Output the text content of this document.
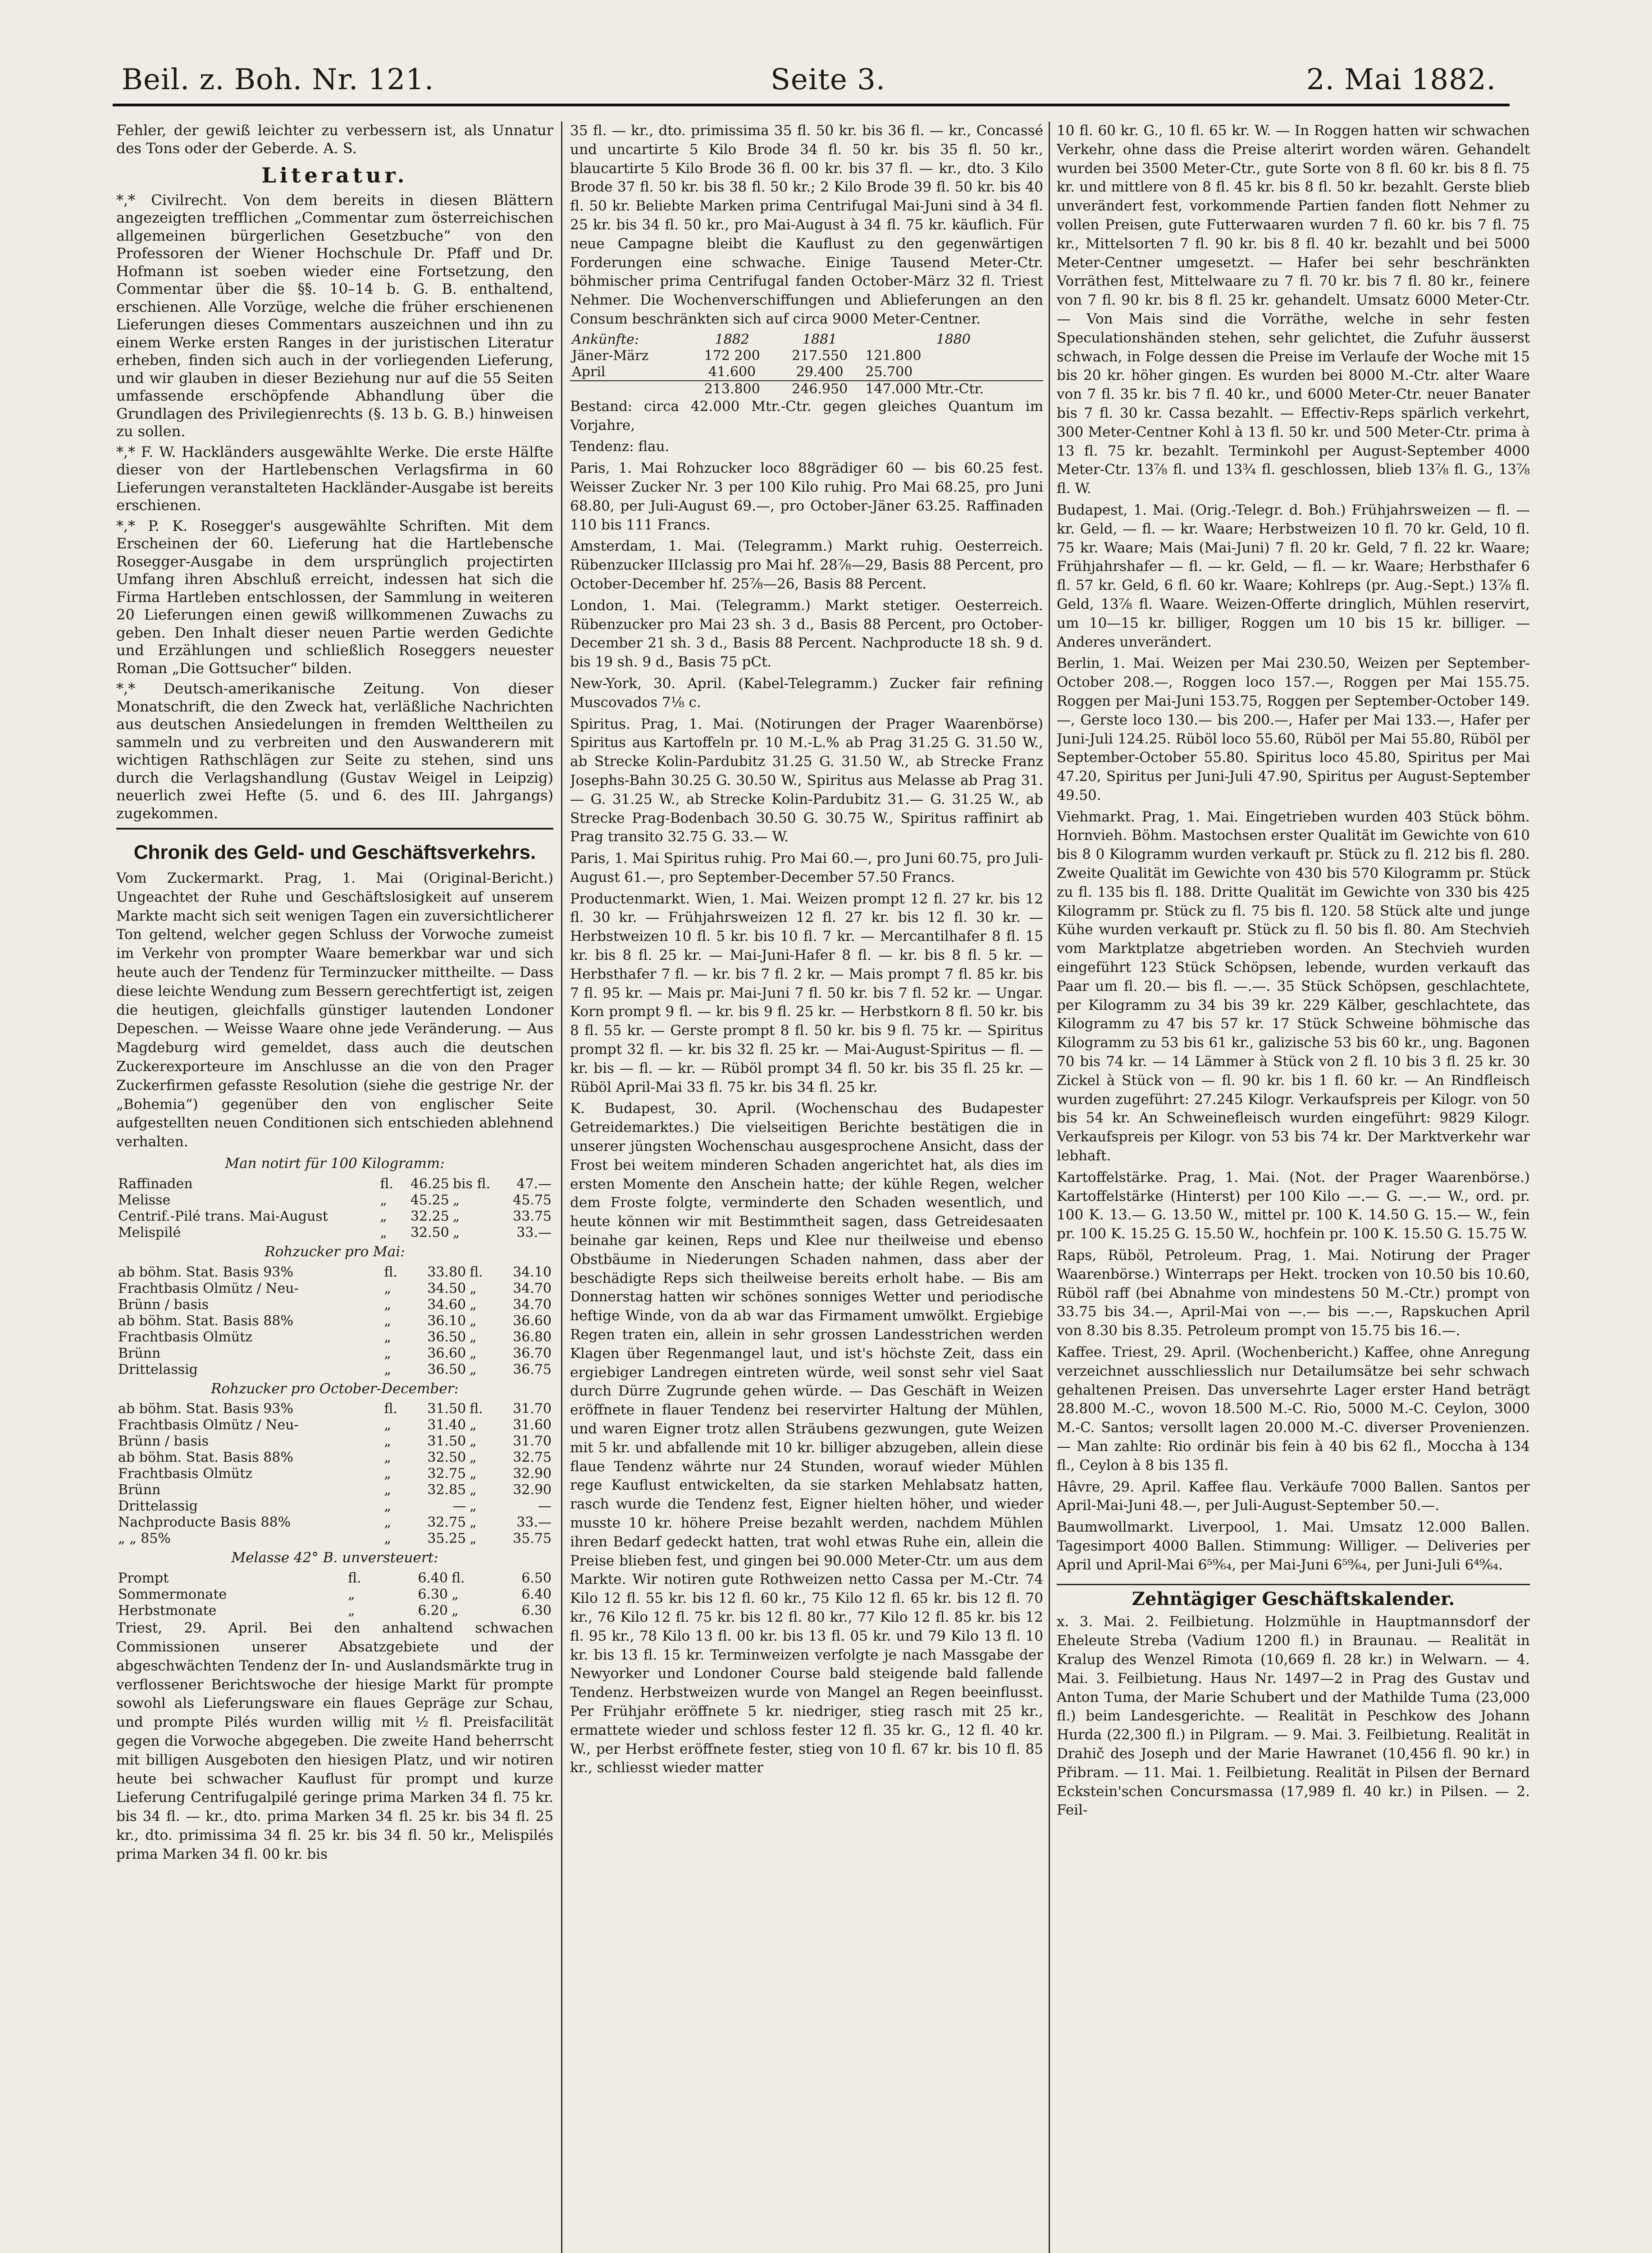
Beil. z. Boh. Nr. 121.	Seite 3.	2. Mai 1882.

Fehler, der gewiß leichter zu verbessern ist, als Unnatur des Tons oder der Geberde. A. S.

Literatur.

*,* Civilrecht. Von dem bereits in diesen Blättern angezeigten trefflichen „Commentar zum österreichischen allgemeinen bürgerlichen Gesetzbuche“ von den Professoren der Wiener Hochschule Dr. Pfaff und Dr. Hofmann ist soeben wieder eine Fortsetzung, den Commentar über die §§. 10–14 b. G. B. enthaltend, erschienen. Alle Vorzüge, welche die früher erschienenen Lieferungen dieses Commentars auszeichnen und ihn zu einem Werke ersten Ranges in der juristischen Literatur erheben, finden sich auch in der vorliegenden Lieferung, und wir glauben in dieser Beziehung nur auf die 55 Seiten umfassende erschöpfende Abhandlung über die Grundlagen des Privilegienrechts (§. 13 b. G. B.) hinweisen zu sollen.

*,* F. W. Hackländers ausgewählte Werke. Die erste Hälfte dieser von der Hartlebenschen Verlagsfirma in 60 Lieferungen veranstalteten Hackländer-Ausgabe ist bereits erschienen.

*,* P. K. Rosegger's ausgewählte Schriften. Mit dem Erscheinen der 60. Lieferung hat die Hartlebensche Rosegger-Ausgabe in dem ursprünglich projectirten Umfang ihren Abschluß erreicht, indessen hat sich die Firma Hartleben entschlossen, der Sammlung in weiteren 20 Lieferungen einen gewiß willkommenen Zuwachs zu geben. Den Inhalt dieser neuen Partie werden Gedichte und Erzählungen und schließlich Roseggers neuester Roman „Die Gottsucher“ bilden.

*,* Deutsch-amerikanische Zeitung. Von dieser Monatschrift, die den Zweck hat, verläßliche Nachrichten aus deutschen Ansiedelungen in fremden Welttheilen zu sammeln und zu verbreiten und den Auswanderern mit wichtigen Rathschlägen zur Seite zu stehen, sind uns durch die Verlagshandlung (Gustav Weigel in Leipzig) neuerlich zwei Hefte (5. und 6. des III. Jahrgangs) zugekommen.

Chronik des Geld- und Geschäftsverkehrs.

Vom Zuckermarkt. Prag, 1. Mai (Original-Bericht.) Ungeachtet der Ruhe und Geschäftslosigkeit auf unserem Markte macht sich seit wenigen Tagen ein zuversichtlicherer Ton geltend, welcher gegen Schluss der Vorwoche zumeist im Verkehr von prompter Waare bemerkbar war und sich heute auch der Tendenz für Terminzucker mittheilte. — Dass diese leichte Wendung zum Bessern gerechtfertigt ist, zeigen die heutigen, gleichfalls günstiger lautenden Londoner Depeschen. — Weisse Waare ohne jede Veränderung. — Aus Magdeburg wird gemeldet, dass auch die deutschen Zuckerexporteure im Anschlusse an die von den Prager Zuckerfirmen gefasste Resolution (siehe die gestrige Nr. der „Bohemia“) gegenüber den von englischer Seite aufgestellten neuen Conditionen sich entschieden ablehnend verhalten.

Man notirt für 100 Kilogramm:

Raffinaden	fl.	46.25	bis fl.	47.—
Melisse	„	45.25	„	45.75
Centrif.-Pilé trans. Mai-August	„	32.25	„	33.75
Melispilé	„	32.50	„	33.—

Rohzucker pro Mai:

ab böhm. Stat. Basis 93%	fl.	33.80	fl.	34.10
Frachtbasis Olmütz / Neu-	„	34.50	„	34.70
Brünn / basis	„	34.60	„	34.70
ab böhm. Stat. Basis 88%	„	36.10	„	36.60
Frachtbasis Olmütz	„	36.50	„	36.80
Brünn	„	36.60	„	36.70
Drittelassig	„	36.50	„	36.75

Rohzucker pro October-December:

ab böhm. Stat. Basis 93%	fl.	31.50	fl.	31.70
Frachtbasis Olmütz / Neu-	„	31.40	„	31.60
Brünn / basis	„	31.50	„	31.70
ab böhm. Stat. Basis 88%	„	32.50	„	32.75
Frachtbasis Olmütz	„	32.75	„	32.90
Brünn	„	32.85	„	32.90
Drittelassig	„	—	„	—
Nachproducte Basis 88%	„	32.75	„	33.—
„ „ 85%	„	35.25	„	35.75

Melasse 42° B. unversteuert:

Prompt	fl.	6.40	fl.	6.50
Sommermonate	„	6.30	„	6.40
Herbstmonate	„	6.20	„	6.30

Triest, 29. April. Bei den anhaltend schwachen Commissionen unserer Absatzgebiete und der abgeschwächten Tendenz der In- und Auslandsmärkte trug in verflossener Berichtswoche der hiesige Markt für prompte sowohl als Lieferungsware ein flaues Gepräge zur Schau, und prompte Pilés wurden willig mit ½ fl. Preisfacilität gegen die Vorwoche abgegeben. Die zweite Hand beherrscht mit billigen Ausgeboten den hiesigen Platz, und wir notiren heute bei schwacher Kauflust für prompt und kurze Lieferung Centrifugalpilé geringe prima Marken 34 fl. 75 kr. bis 34 fl. — kr., dto. prima Marken 34 fl. 25 kr. bis 34 fl. 25 kr., dto. primissima 34 fl. 25 kr. bis 34 fl. 50 kr., Melispilés prima Marken 34 fl. 00 kr. bis

35 fl. — kr., dto. primissima 35 fl. 50 kr. bis 36 fl. — kr., Concassé und uncartirte 5 Kilo Brode 34 fl. 50 kr. bis 35 fl. 50 kr., blaucartirte 5 Kilo Brode 36 fl. 00 kr. bis 37 fl. — kr., dto. 3 Kilo Brode 37 fl. 50 kr. bis 38 fl. 50 kr.; 2 Kilo Brode 39 fl. 50 kr. bis 40 fl. 50 kr. Beliebte Marken prima Centrifugal Mai-Juni sind à 34 fl. 25 kr. bis 34 fl. 50 kr., pro Mai-August à 34 fl. 75 kr. käuflich. Für neue Campagne bleibt die Kauflust zu den gegenwärtigen Forderungen eine schwache. Einige Tausend Meter-Ctr. böhmischer prima Centrifugal fanden October-März 32 fl. Triest Nehmer. Die Wochenverschiffungen und Ablieferungen an den Consum beschränkten sich auf circa 9000 Meter-Centner.

Ankünfte:	1882	1881	1880
Jäner-März	172 200	217.550	121.800
April	41.600	29.400	25.700
	213.800	246.950	147.000 Mtr.-Ctr.

Bestand: circa 42.000 Mtr.-Ctr. gegen gleiches Quantum im Vorjahre,

Tendenz: flau.

Paris, 1. Mai Rohzucker loco 88grädiger 60 — bis 60.25 fest. Weisser Zucker Nr. 3 per 100 Kilo ruhig. Pro Mai 68.25, pro Juni 68.80, per Juli-August 69.—, pro October-Jäner 63.25. Raffinaden 110 bis 111 Francs.

Amsterdam, 1. Mai. (Telegramm.) Markt ruhig. Oesterreich. Rübenzucker IIIclassig pro Mai hf. 28⅞—29, Basis 88 Percent, pro October-December hf. 25⅞—26, Basis 88 Percent.

London, 1. Mai. (Telegramm.) Markt stetiger. Oesterreich. Rübenzucker pro Mai 23 sh. 3 d., Basis 88 Percent, pro October-December 21 sh. 3 d., Basis 88 Percent. Nachproducte 18 sh. 9 d. bis 19 sh. 9 d., Basis 75 pCt.

New-York, 30. April. (Kabel-Telegramm.) Zucker fair refining Muscovados 7⅛ c.

Spiritus. Prag, 1. Mai. (Notirungen der Prager Waarenbörse) Spiritus aus Kartoffeln pr. 10 M.-L.% ab Prag 31.25 G. 31.50 W., ab Strecke Kolin-Pardubitz 31.25 G. 31.50 W., ab Strecke Franz Josephs-Bahn 30.25 G. 30.50 W., Spiritus aus Melasse ab Prag 31.— G. 31.25 W., ab Strecke Kolin-Pardubitz 31.— G. 31.25 W., ab Strecke Prag-Bodenbach 30.50 G. 30.75 W., Spiritus raffinirt ab Prag transito 32.75 G. 33.— W.

Paris, 1. Mai Spiritus ruhig. Pro Mai 60.—, pro Juni 60.75, pro Juli-August 61.—, pro September-December 57.50 Francs.

Productenmarkt. Wien, 1. Mai. Weizen prompt 12 fl. 27 kr. bis 12 fl. 30 kr. — Frühjahrsweizen 12 fl. 27 kr. bis 12 fl. 30 kr. — Herbstweizen 10 fl. 5 kr. bis 10 fl. 7 kr. — Mercantilhafer 8 fl. 15 kr. bis 8 fl. 25 kr. — Mai-Juni-Hafer 8 fl. — kr. bis 8 fl. 5 kr. — Herbsthafer 7 fl. — kr. bis 7 fl. 2 kr. — Mais prompt 7 fl. 85 kr. bis 7 fl. 95 kr. — Mais pr. Mai-Juni 7 fl. 50 kr. bis 7 fl. 52 kr. — Ungar. Korn prompt 9 fl. — kr. bis 9 fl. 25 kr. — Herbstkorn 8 fl. 50 kr. bis 8 fl. 55 kr. — Gerste prompt 8 fl. 50 kr. bis 9 fl. 75 kr. — Spiritus prompt 32 fl. — kr. bis 32 fl. 25 kr. — Mai-August-Spiritus — fl. — kr. bis — fl. — kr. — Rüböl prompt 34 fl. 50 kr. bis 35 fl. 25 kr. — Rüböl April-Mai 33 fl. 75 kr. bis 34 fl. 25 kr.

K. Budapest, 30. April. (Wochenschau des Budapester Getreidemarktes.) Die vielseitigen Berichte bestätigen die in unserer jüngsten Wochenschau ausgesprochene Ansicht, dass der Frost bei weitem minderen Schaden angerichtet hat, als dies im ersten Momente den Anschein hatte; der kühle Regen, welcher dem Froste folgte, verminderte den Schaden wesentlich, und heute können wir mit Bestimmtheit sagen, dass Getreidesaaten beinahe gar keinen, Reps und Klee nur theilweise und ebenso Obstbäume in Niederungen Schaden nahmen, dass aber der beschädigte Reps sich theilweise bereits erholt habe. — Bis am Donnerstag hatten wir schönes sonniges Wetter und periodische heftige Winde, von da ab war das Firmament umwölkt. Ergiebige Regen traten ein, allein in sehr grossen Landesstrichen werden Klagen über Regenmangel laut, und ist's höchste Zeit, dass ein ergiebiger Landregen eintreten würde, weil sonst sehr viel Saat durch Dürre Zugrunde gehen würde. — Das Geschäft in Weizen eröffnete in flauer Tendenz bei reservirter Haltung der Mühlen, und waren Eigner trotz allen Sträubens gezwungen, gute Weizen mit 5 kr. und abfallende mit 10 kr. billiger abzugeben, allein diese flaue Tendenz währte nur 24 Stunden, worauf wieder Mühlen rege Kauflust entwickelten, da sie starken Mehlabsatz hatten, rasch wurde die Tendenz fest, Eigner hielten höher, und wieder musste 10 kr. höhere Preise bezahlt werden, nachdem Mühlen ihren Bedarf gedeckt hatten, trat wohl etwas Ruhe ein, allein die Preise blieben fest, und gingen bei 90.000 Meter-Ctr. um aus dem Markte. Wir notiren gute Rothweizen netto Cassa per M.-Ctr. 74 Kilo 12 fl. 55 kr. bis 12 fl. 60 kr., 75 Kilo 12 fl. 65 kr. bis 12 fl. 70 kr., 76 Kilo 12 fl. 75 kr. bis 12 fl. 80 kr., 77 Kilo 12 fl. 85 kr. bis 12 fl. 95 kr., 78 Kilo 13 fl. 00 kr. bis 13 fl. 05 kr. und 79 Kilo 13 fl. 10 kr. bis 13 fl. 15 kr. Terminweizen verfolgte je nach Massgabe der Newyorker und Londoner Course bald steigende bald fallende Tendenz. Herbstweizen wurde von Mangel an Regen beeinflusst. Per Frühjahr eröffnete 5 kr. niedriger, stieg rasch mit 25 kr., ermattete wieder und schloss fester 12 fl. 35 kr. G., 12 fl. 40 kr. W., per Herbst eröffnete fester, stieg von 10 fl. 67 kr. bis 10 fl. 85 kr., schliesst wieder matter

10 fl. 60 kr. G., 10 fl. 65 kr. W. — In Roggen hatten wir schwachen Verkehr, ohne dass die Preise alterirt worden wären. Gehandelt wurden bei 3500 Meter-Ctr., gute Sorte von 8 fl. 60 kr. bis 8 fl. 75 kr. und mittlere von 8 fl. 45 kr. bis 8 fl. 50 kr. bezahlt. Gerste blieb unverändert fest, vorkommende Partien fanden flott Nehmer zu vollen Preisen, gute Futterwaaren wurden 7 fl. 60 kr. bis 7 fl. 75 kr., Mittelsorten 7 fl. 90 kr. bis 8 fl. 40 kr. bezahlt und bei 5000 Meter-Centner umgesetzt. — Hafer bei sehr beschränkten Vorräthen fest, Mittelwaare zu 7 fl. 70 kr. bis 7 fl. 80 kr., feinere von 7 fl. 90 kr. bis 8 fl. 25 kr. gehandelt. Umsatz 6000 Meter-Ctr. — Von Mais sind die Vorräthe, welche in sehr festen Speculationshänden stehen, sehr gelichtet, die Zufuhr äusserst schwach, in Folge dessen die Preise im Verlaufe der Woche mit 15 bis 20 kr. höher gingen. Es wurden bei 8000 M.-Ctr. alter Waare von 7 fl. 35 kr. bis 7 fl. 40 kr., und 6000 Meter-Ctr. neuer Banater bis 7 fl. 30 kr. Cassa bezahlt. — Effectiv-Reps spärlich verkehrt, 300 Meter-Centner Kohl à 13 fl. 50 kr. und 500 Meter-Ctr. prima à 13 fl. 75 kr. bezahlt. Terminkohl per August-September 4000 Meter-Ctr. 13⅞ fl. und 13¾ fl. geschlossen, blieb 13⅞ fl. G., 13⅞ fl. W.

Budapest, 1. Mai. (Orig.-Telegr. d. Boh.) Frühjahrsweizen — fl. — kr. Geld, — fl. — kr. Waare; Herbstweizen 10 fl. 70 kr. Geld, 10 fl. 75 kr. Waare; Mais (Mai-Juni) 7 fl. 20 kr. Geld, 7 fl. 22 kr. Waare; Frühjahrshafer — fl. — kr. Geld, — fl. — kr. Waare; Herbsthafer 6 fl. 57 kr. Geld, 6 fl. 60 kr. Waare; Kohlreps (pr. Aug.-Sept.) 13⅞ fl. Geld, 13⅞ fl. Waare. Weizen-Offerte dringlich, Mühlen reservirt, um 10—15 kr. billiger, Roggen um 10 bis 15 kr. billiger. — Anderes unverändert.

Berlin, 1. Mai. Weizen per Mai 230.50, Weizen per September-October 208.—, Roggen loco 157.—, Roggen per Mai 155.75. Roggen per Mai-Juni 153.75, Roggen per September-October 149.—, Gerste loco 130.— bis 200.—, Hafer per Mai 133.—, Hafer per Juni-Juli 124.25. Rüböl loco 55.60, Rüböl per Mai 55.80, Rüböl per September-October 55.80. Spiritus loco 45.80, Spiritus per Mai 47.20, Spiritus per Juni-Juli 47.90, Spiritus per August-September 49.50.

Viehmarkt. Prag, 1. Mai. Eingetrieben wurden 403 Stück böhm. Hornvieh. Böhm. Mastochsen erster Qualität im Gewichte von 610 bis 8 0 Kilogramm wurden verkauft pr. Stück zu fl. 212 bis fl. 280. Zweite Qualität im Gewichte von 430 bis 570 Kilogramm pr. Stück zu fl. 135 bis fl. 188. Dritte Qualität im Gewichte von 330 bis 425 Kilogramm pr. Stück zu fl. 75 bis fl. 120. 58 Stück alte und junge Kühe wurden verkauft pr. Stück zu fl. 50 bis fl. 80. Am Stechvieh vom Marktplatze abgetrieben worden. An Stechvieh wurden eingeführt 123 Stück Schöpsen, lebende, wurden verkauft das Paar um fl. 20.— bis fl. —.—. 35 Stück Schöpsen, geschlachtete, per Kilogramm zu 34 bis 39 kr. 229 Kälber, geschlachtete, das Kilogramm zu 47 bis 57 kr. 17 Stück Schweine böhmische das Kilogramm zu 53 bis 61 kr., galizische 53 bis 60 kr., ung. Bagonen 70 bis 74 kr. — 14 Lämmer à Stück von 2 fl. 10 bis 3 fl. 25 kr. 30 Zickel à Stück von — fl. 90 kr. bis 1 fl. 60 kr. — An Rindfleisch wurden zugeführt: 27.245 Kilogr. Verkaufspreis per Kilogr. von 50 bis 54 kr. An Schweinefleisch wurden eingeführt: 9829 Kilogr. Verkaufspreis per Kilogr. von 53 bis 74 kr. Der Marktverkehr war lebhaft.

Kartoffelstärke. Prag, 1. Mai. (Not. der Prager Waarenbörse.) Kartoffelstärke (Hinterst) per 100 Kilo —.— G. —.— W., ord. pr. 100 K. 13.— G. 13.50 W., mittel pr. 100 K. 14.50 G. 15.— W., fein pr. 100 K. 15.25 G. 15.50 W., hochfein pr. 100 K. 15.50 G. 15.75 W.

Raps, Rüböl, Petroleum. Prag, 1. Mai. Notirung der Prager Waarenbörse.) Winterraps per Hekt. trocken von 10.50 bis 10.60, Rüböl raff (bei Abnahme von mindestens 50 M.-Ctr.) prompt von 33.75 bis 34.—, April-Mai von —.— bis —.—, Rapskuchen April von 8.30 bis 8.35. Petroleum prompt von 15.75 bis 16.—.

Kaffee. Triest, 29. April. (Wochenbericht.) Kaffee, ohne Anregung verzeichnet ausschliesslich nur Detailumsätze bei sehr schwach gehaltenen Preisen. Das unversehrte Lager erster Hand beträgt 28.800 M.-C., wovon 18.500 M.-C. Rio, 5000 M.-C. Ceylon, 3000 M.-C. Santos; versollt lagen 20.000 M.-C. diverser Provenienzen. — Man zahlte: Rio ordinär bis fein à 40 bis 62 fl., Moccha à 134 fl., Ceylon à 8 bis 135 fl.

Hâvre, 29. April. Kaffee flau. Verkäufe 7000 Ballen. Santos per April-Mai-Juni 48.—, per Juli-August-September 50.—.

Baumwollmarkt. Liverpool, 1. Mai. Umsatz 12.000 Ballen. Tagesimport 4000 Ballen. Stimmung: Williger. — Deliveries per April und April-Mai 6⁵⁹⁄₆₄, per Mai-Juni 6⁵⁹⁄₆₄, per Juni-Juli 6⁴⁹⁄₆₄.

Zehntägiger Geschäftskalender.

x. 3. Mai. 2. Feilbietung. Holzmühle in Hauptmannsdorf der Eheleute Streba (Vadium 1200 fl.) in Braunau. — Realität in Kralup des Wenzel Rimota (10,669 fl. 28 kr.) in Welwarn. — 4. Mai. 3. Feilbietung. Haus Nr. 1497—2 in Prag des Gustav und Anton Tuma, der Marie Schubert und der Mathilde Tuma (23,000 fl.) beim Landesgerichte. — Realität in Peschkow des Johann Hurda (22,300 fl.) in Pilgram. — 9. Mai. 3. Feilbietung. Realität in Drahič des Joseph und der Marie Hawranet (10,456 fl. 90 kr.) in Přibram. — 11. Mai. 1. Feilbietung. Realität in Pilsen der Bernard Eckstein'schen Concursmassa (17,989 fl. 40 kr.) in Pilsen. — 2. Feil-
